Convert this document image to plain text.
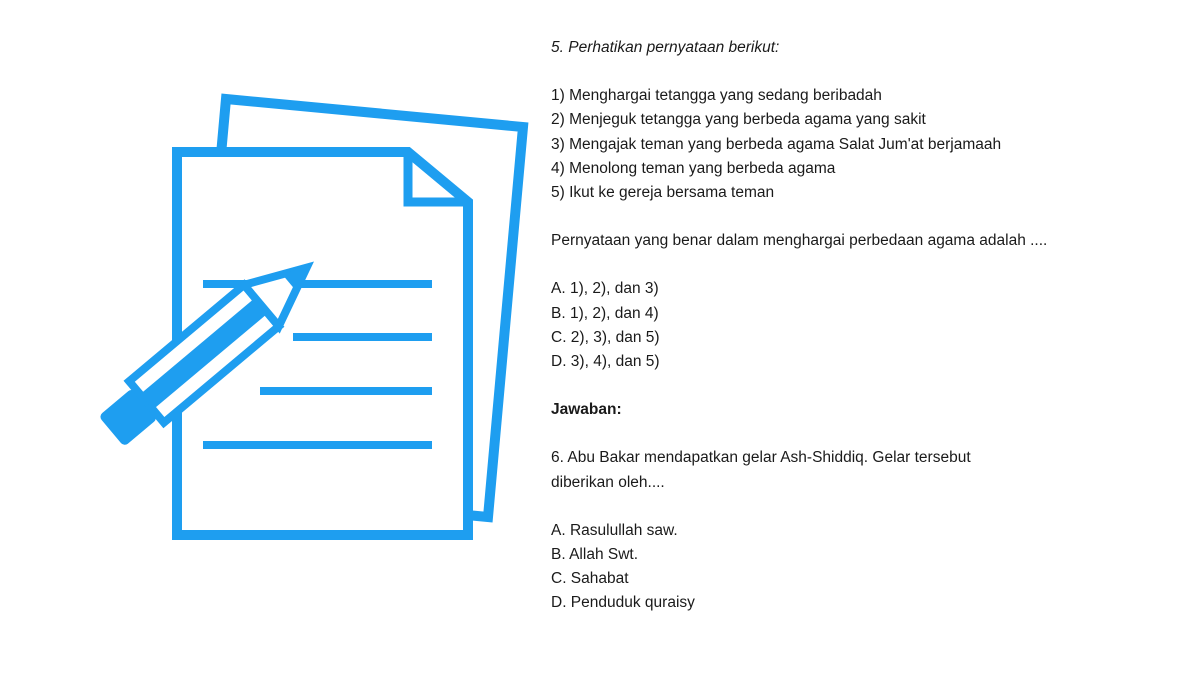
5. Perhatikan pernyataan berikut:

1) Menghargai tetangga yang sedang beribadah
2) Menjeguk tetangga yang berbeda agama yang sakit
3) Mengajak teman yang berbeda agama Salat Jum'at berjamaah
4) Menolong teman yang berbeda agama
5) Ikut ke gereja bersama teman

Pernyataan yang benar dalam menghargai perbedaan agama adalah ....

A. 1), 2), dan 3)
B. 1), 2), dan 4)
C. 2), 3), dan 5)
D. 3), 4), dan 5)

Jawaban:

6. Abu Bakar mendapatkan gelar Ash-Shiddiq. Gelar tersebut
diberikan oleh....
A. Rasulullah saw.
B. Allah Swt.
C. Sahabat
D. Penduduk quraisy
